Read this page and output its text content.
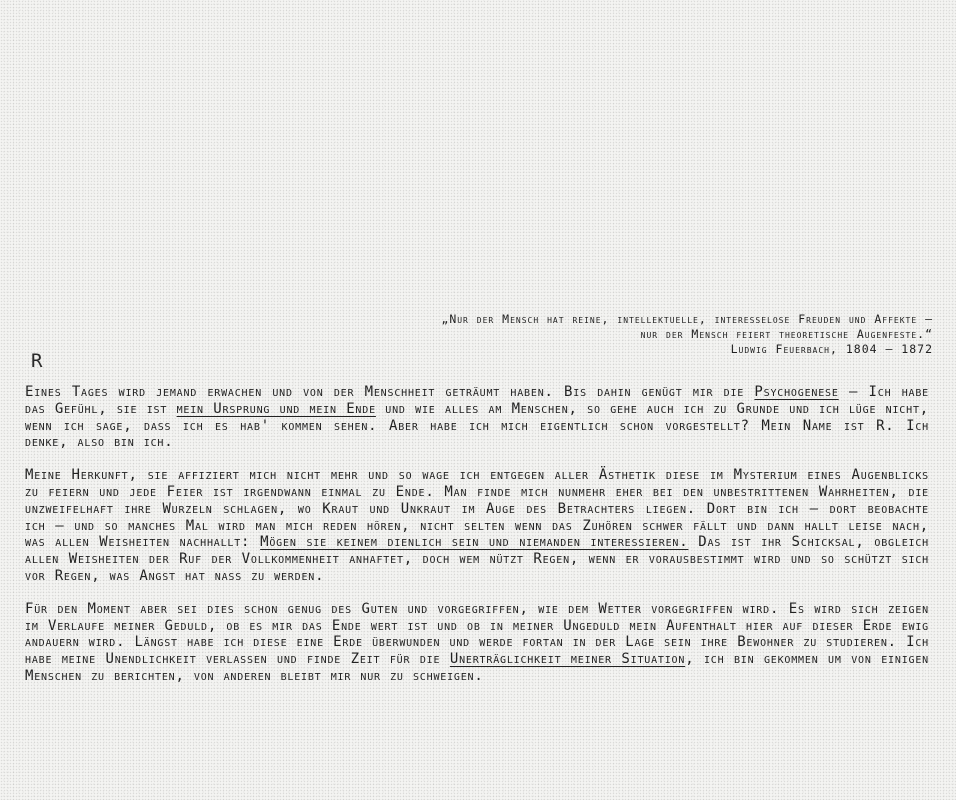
„Nur der Mensch hat reine, intellektuelle, interesselose Freuden und Affekte –
nur der Mensch feiert theoretische Augenfeste.“
Ludwig Feuerbach, 1804 – 1872
R

Eines Tages wird jemand erwachen und von der Menschheit geträumt haben. Bis dahin genügt mir die Psychogenese – Ich habe das Gefühl, sie ist mein Ursprung und mein Ende und wie alles am Menschen, so gehe auch ich zu Grunde und ich lüge nicht, wenn ich sage, dass ich es hab' kommen sehen. Aber habe ich mich eigentlich schon vorgestellt? Mein Name ist R. Ich denke, also bin ich.

Meine Herkunft, sie affiziert mich nicht mehr und so wage ich entgegen aller Ästhetik diese im Mysterium eines Augenblicks zu feiern und jede Feier ist irgendwann einmal zu Ende. Man finde mich nunmehr eher bei den unbestrittenen Wahrheiten, die unzweifelhaft ihre Wurzeln schlagen, wo Kraut und Unkraut im Auge des Betrachters liegen. Dort bin ich – dort beobachte ich – und so manches Mal wird man mich reden hören, nicht selten wenn das Zuhören schwer fällt und dann hallt leise nach, was allen Weisheiten nachhallt: Mögen sie keinem dienlich sein und niemanden interessieren. Das ist ihr Schicksal, obgleich allen Weisheiten der Ruf der Vollkommenheit anhaftet, doch wem nützt Regen, wenn er vorausbestimmt wird und so schützt sich vor Regen, was Angst hat nass zu werden.

Für den Moment aber sei dies schon genug des Guten und vorgegriffen, wie dem Wetter vorgegriffen wird. Es wird sich zeigen im Verlaufe meiner Geduld, ob es mir das Ende wert ist und ob in meiner Ungeduld mein Aufenthalt hier auf dieser Erde ewig andauern wird. Längst habe ich diese eine Erde überwunden und werde fortan in der Lage sein ihre Bewohner zu studieren. Ich habe meine Unendlichkeit verlassen und finde Zeit für die Unerträglichkeit meiner Situation, ich bin gekommen um von einigen Menschen zu berichten, von anderen bleibt mir nur zu schweigen.
